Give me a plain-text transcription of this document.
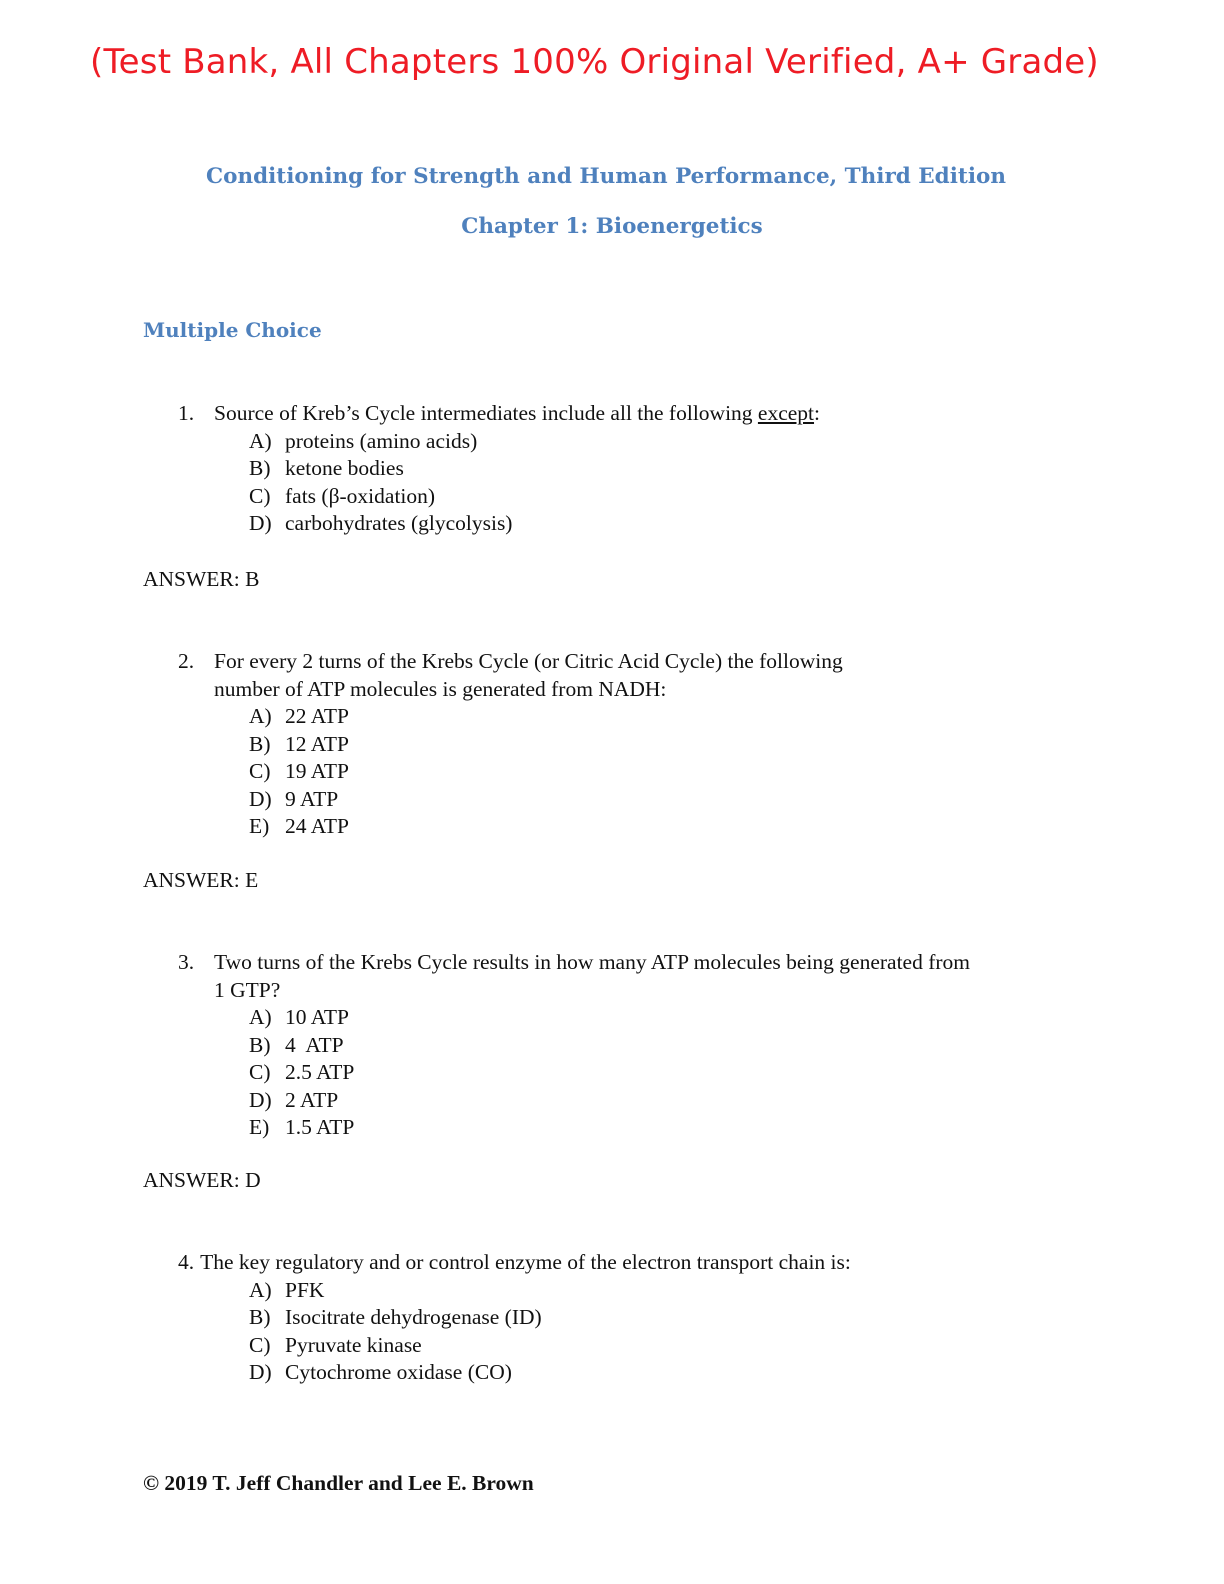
(Test Bank, All Chapters 100% Original Verified, A+ Grade)
Conditioning for Strength and Human Performance, Third Edition
Chapter 1: Bioenergetics
Multiple Choice
1. Source of Kreb’s Cycle intermediates include all the following except:
A) proteins (amino acids)
B) ketone bodies
C) fats (β-oxidation)
D) carbohydrates (glycolysis)
ANSWER: B
2. For every 2 turns of the Krebs Cycle (or Citric Acid Cycle) the following
number of ATP molecules is generated from NADH:
A) 22 ATP
B) 12 ATP
C) 19 ATP
D) 9 ATP
E) 24 ATP
ANSWER: E
3. Two turns of the Krebs Cycle results in how many ATP molecules being generated from
1 GTP?
A) 10 ATP
B) 4  ATP
C) 2.5 ATP
D) 2 ATP
E) 1.5 ATP
ANSWER: D
4. The key regulatory and or control enzyme of the electron transport chain is:
A) PFK
B) Isocitrate dehydrogenase (ID)
C) Pyruvate kinase
D) Cytochrome oxidase (CO)
© 2019 T. Jeff Chandler and Lee E. Brown
